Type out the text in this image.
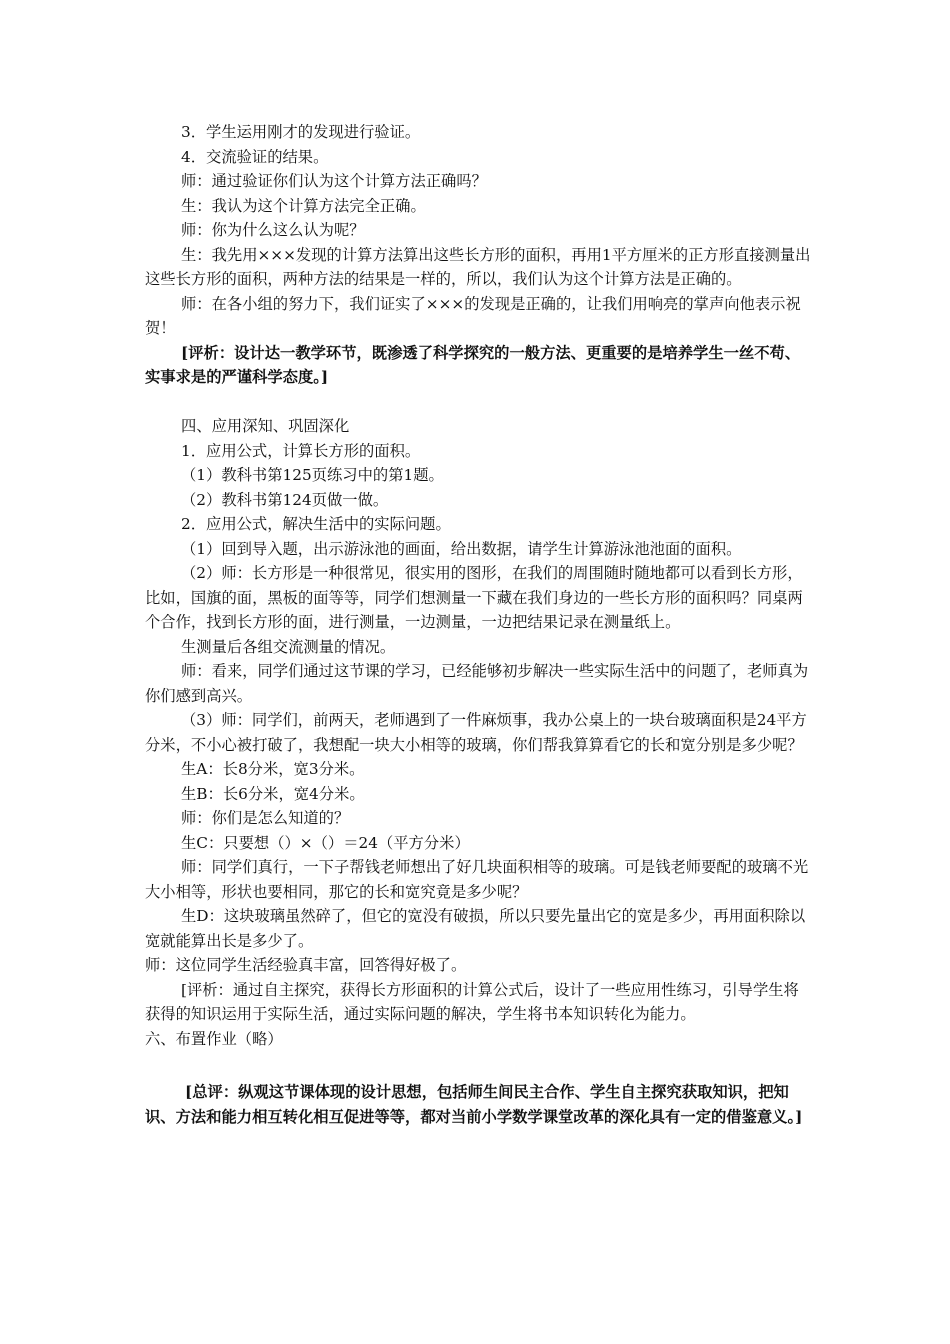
3．学生运用刚才的发现进行验证。

4．交流验证的结果。

师：通过验证你们认为这个计算方法正确吗？

生：我认为这个计算方法完全正确。

师：你为什么这么认为呢？

生：我先用×××发现的计算方法算出这些长方形的面积，再用1平方厘米的正方形直接测量出这些长方形的面积，两种方法的结果是一样的，所以，我们认为这个计算方法是正确的。

师：在各小组的努力下，我们证实了×××的发现是正确的，让我们用响亮的掌声向他表示祝贺！

[评析：设计达一教学环节，既渗透了科学探究的一般方法、更重要的是培养学生一丝不苟、实事求是的严谨科学态度。]

四、应用深知、巩固深化

1．应用公式，计算长方形的面积。

（1）教科书第125页练习中的第1题。

（2）教科书第124页做一做。

2．应用公式，解决生活中的实际问题。

（1）回到导入题，出示游泳池的画面，给出数据，请学生计算游泳池池面的面积。

（2）师：长方形是一种很常见，很实用的图形，在我们的周围随时随地都可以看到长方形，比如，国旗的面，黑板的面等等，同学们想测量一下藏在我们身边的一些长方形的面积吗？同桌两个合作，找到长方形的面，进行测量，一边测量，一边把结果记录在测量纸上。

生测量后各组交流测量的情况。

师：看来，同学们通过这节课的学习，已经能够初步解决一些实际生活中的问题了，老师真为你们感到高兴。

（3）师：同学们，前两天，老师遇到了一件麻烦事，我办公桌上的一块台玻璃面积是24平方分米，不小心被打破了，我想配一块大小相等的玻璃，你们帮我算算看它的长和宽分别是多少呢？

生A：长8分米，宽3分米。

生B：长6分米，宽4分米。

师：你们是怎么知道的？

生C：只要想（）×（）＝24（平方分米）

师：同学们真行，一下子帮钱老师想出了好几块面积相等的玻璃。可是钱老师要配的玻璃不光大小相等，形状也要相同，那它的长和宽究竟是多少呢？

生D：这块玻璃虽然碎了，但它的宽没有破损，所以只要先量出它的宽是多少，再用面积除以宽就能算出长是多少了。

师：这位同学生活经验真丰富，回答得好极了。

[评析：通过自主探究，获得长方形面积的计算公式后，设计了一些应用性练习，引导学生将获得的知识运用于实际生活，通过实际问题的解决，学生将书本知识转化为能力。

六、布置作业（略）

[总评：纵观这节课体现的设计思想，包括师生间民主合作、学生自主探究获取知识，把知识、方法和能力相互转化相互促进等等，都对当前小学数学课堂改革的深化具有一定的借鉴意义。]
